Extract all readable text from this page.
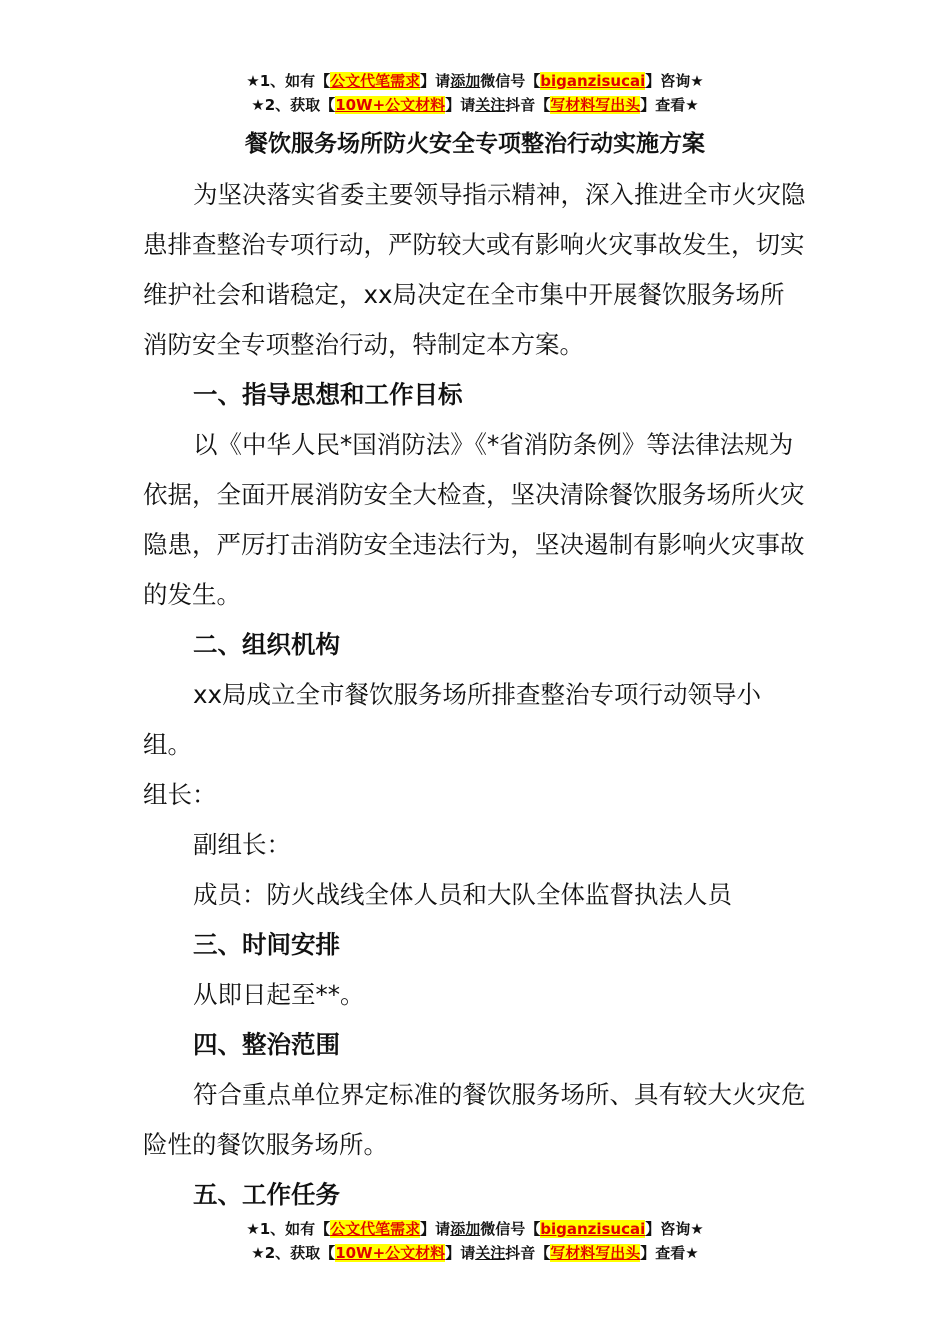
★1、如有【公文代笔需求】请添加微信号【biganzisucai】咨询★
★2、获取【10W+公文材料】请关注抖音【写材料写出头】查看★
餐饮服务场所防火安全专项整治行动实施方案

为坚决落实省委主要领导指示精神，深入推进全市火灾隐患排查整治专项行动，严防较大或有影响火灾事故发生，切实维护社会和谐稳定，xx局决定在全市集中开展餐饮服务场所消防安全专项整治行动，特制定本方案。

一、指导思想和工作目标

以《中华人民*国消防法》《*省消防条例》等法律法规为依据，全面开展消防安全大检查，坚决清除餐饮服务场所火灾隐患，严厉打击消防安全违法行为，坚决遏制有影响火灾事故的发生。

二、组织机构

xx局成立全市餐饮服务场所排查整治专项行动领导小组。

组长：

副组长：

成员：防火战线全体人员和大队全体监督执法人员

三、时间安排

从即日起至**。

四、整治范围

符合重点单位界定标准的餐饮服务场所、具有较大火灾危险性的餐饮服务场所。

五、工作任务

★1、如有【公文代笔需求】请添加微信号【biganzisucai】咨询★
★2、获取【10W+公文材料】请关注抖音【写材料写出头】查看★
